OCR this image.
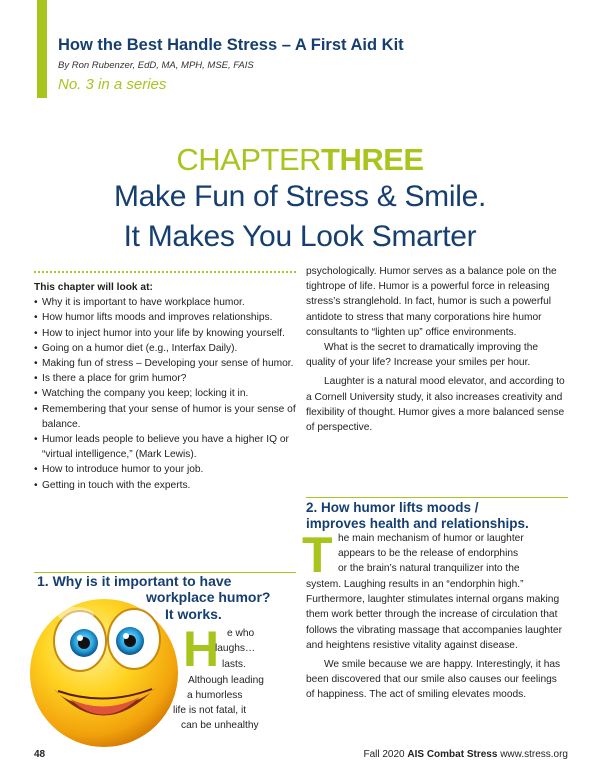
How the Best Handle Stress – A First Aid Kit
By Ron Rubenzer, EdD, MA, MPH, MSE, FAIS
No. 3 in a series
CHAPTERTHREE
Make Fun of Stress & Smile.
It Makes You Look Smarter
This chapter will look at:
• Why it is important to have workplace humor.
• How humor lifts moods and improves relationships.
• How to inject humor into your life by knowing yourself.
• Going on a humor diet (e.g., Interfax Daily).
• Making fun of stress – Developing your sense of humor.
• Is there a place for grim humor?
• Watching the company you keep; locking it in.
• Remembering that your sense of humor is your sense of balance.
• Humor leads people to believe you have a higher IQ or “virtual intelligence,” (Mark Lewis).
• How to introduce humor to your job.
• Getting in touch with the experts.
1. Why is it important to have
workplace humor?
It works.
H e who
laughs…
lasts.
Although leading
a humorless
life is not fatal, it
can be unhealthy

psychologically. Humor serves as a balance pole on the tightrope of life. Humor is a powerful force in releasing stress’s stranglehold. In fact, humor is such a powerful antidote to stress that many corporations hire humor consultants to “lighten up” office environments.

What is the secret to dramatically improving the quality of your life? Increase your smiles per hour.

Laughter is a natural mood elevator, and according to a Cornell University study, it also increases creativity and flexibility of thought. Humor gives a more balanced sense of perspective.

2. How humor lifts moods /
improves health and relationships.
T he main mechanism of humor or laughter
appears to be the release of endorphins
or the brain’s natural tranquilizer into the

system. Laughing results in an “endorphin high.” Furthermore, laughter stimulates internal organs making them work better through the increase of circulation that follows the vibrating massage that accompanies laughter and heightens resistive vitality against disease.

We smile because we are happy. Interestingly, it has been discovered that our smile also causes our feelings of happiness. The act of smiling elevates moods.

48	Fall 2020 AIS Combat Stress www.stress.org
